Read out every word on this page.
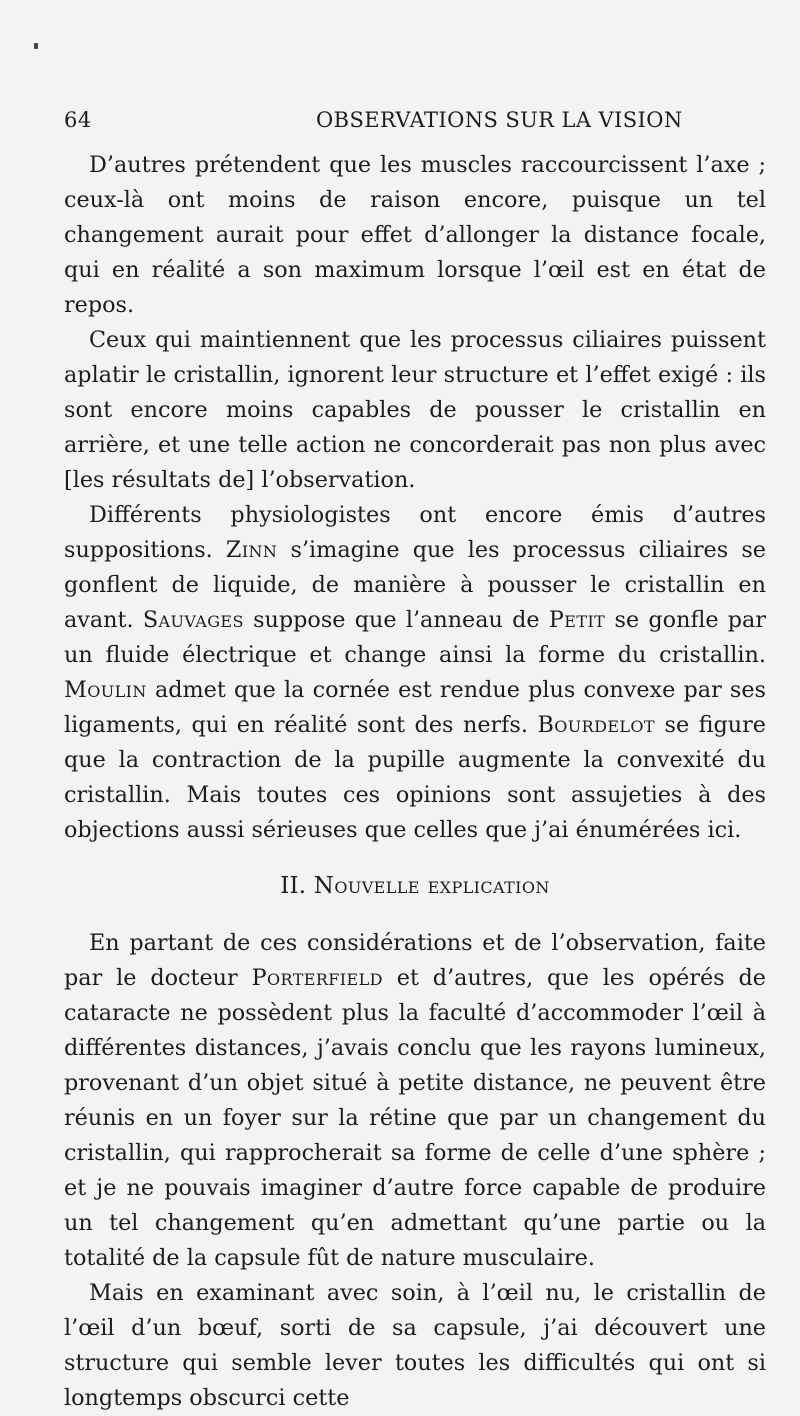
64	OBSERVATIONS SUR LA VISION

D’autres prétendent que les muscles raccourcissent l’axe ; ceux-là ont moins de raison encore, puisque un tel changement aurait pour effet d’allonger la distance focale, qui en réalité a son maximum lorsque l’œil est en état de repos.

Ceux qui maintiennent que les processus ciliaires puissent aplatir le cristallin, ignorent leur structure et l’effet exigé : ils sont encore moins capables de pousser le cristallin en arrière, et une telle action ne concorderait pas non plus avec [les résultats de] l’observation.

Différents physiologistes ont encore émis d’autres suppositions. Zinn s’imagine que les processus ciliaires se gonflent de liquide, de manière à pousser le cristallin en avant. Sauvages suppose que l’anneau de Petit se gonfle par un fluide électrique et change ainsi la forme du cristallin. Moulin admet que la cornée est rendue plus convexe par ses ligaments, qui en réalité sont des nerfs. Bourdelot se figure que la contraction de la pupille augmente la convexité du cristallin. Mais toutes ces opinions sont assujeties à des objections aussi sérieuses que celles que j’ai énumérées ici.

II. Nouvelle explication

En partant de ces considérations et de l’observation, faite par le docteur Porterfield et d’autres, que les opérés de cataracte ne possèdent plus la faculté d’accommoder l’œil à différentes distances, j’avais conclu que les rayons lumineux, provenant d’un objet situé à petite distance, ne peuvent être réunis en un foyer sur la rétine que par un changement du cristallin, qui rapprocherait sa forme de celle d’une sphère ; et je ne pouvais imaginer d’autre force capable de produire un tel changement qu’en admettant qu’une partie ou la totalité de la capsule fût de nature musculaire.

Mais en examinant avec soin, à l’œil nu, le cristallin de l’œil d’un bœuf, sorti de sa capsule, j’ai découvert une structure qui semble lever toutes les difficultés qui ont si longtemps obscurci cette
